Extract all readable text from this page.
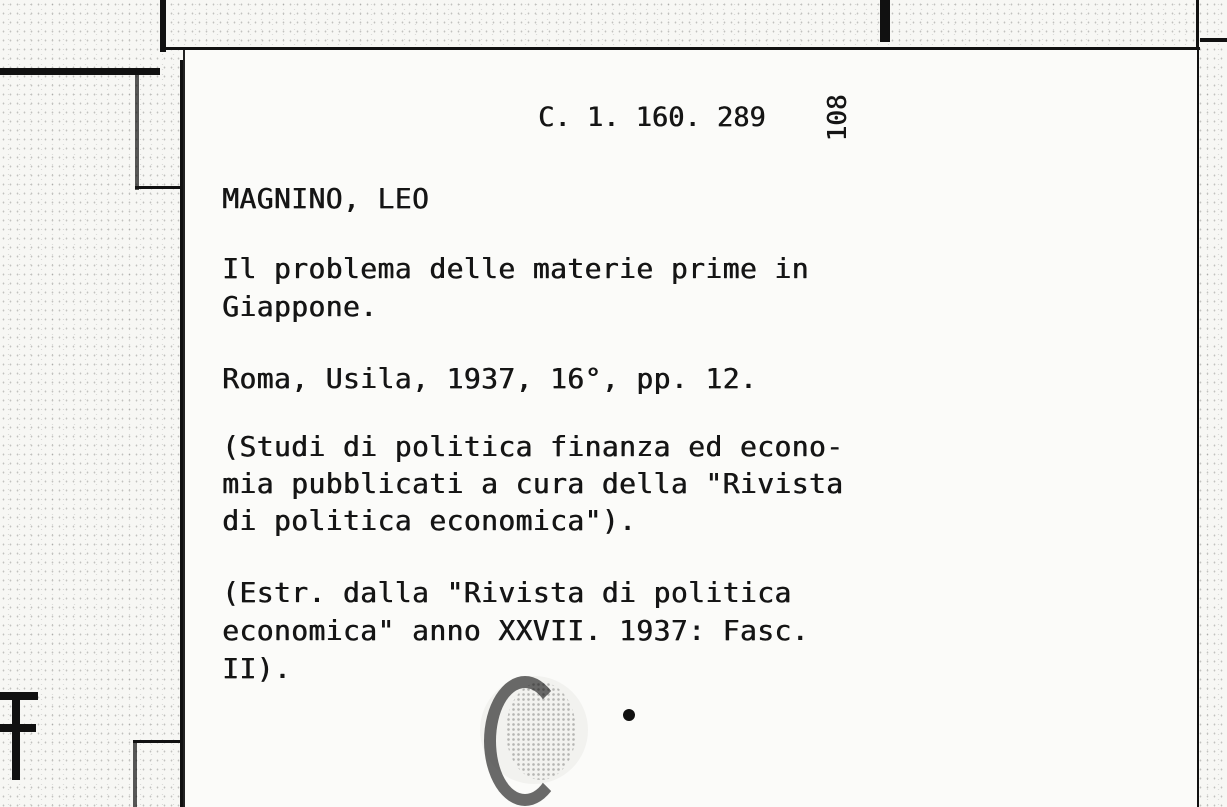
C. 1. 160. 289 108
MAGNINO, LEO
Il problema delle materie prime in
Giappone.
Roma, Usila, 1937, 16°, pp. 12.
(Studi di politica finanza ed econo-
mia pubblicati a cura della "Rivista
di politica economica").
(Estr. dalla "Rivista di politica
economica" anno XXVII. 1937: Fasc.
II).
